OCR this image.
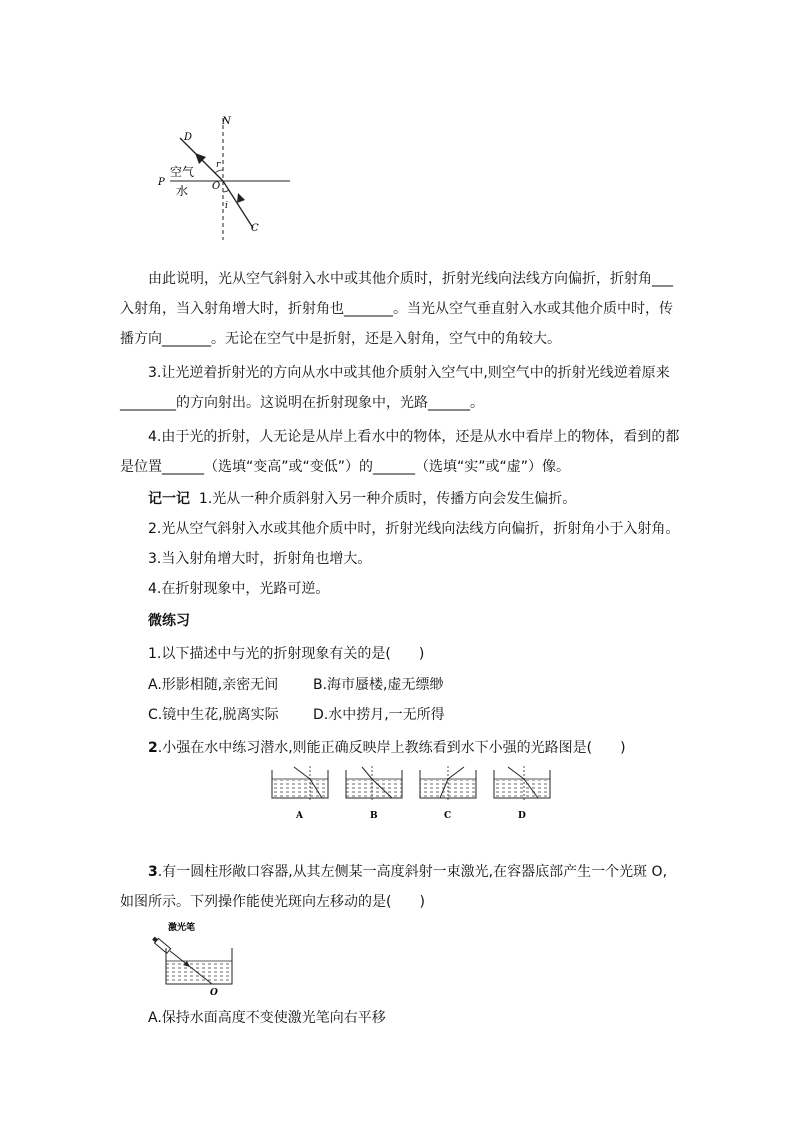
N
D
r
空气
P	O
水
i
C
由此说明，光从空气斜射入水中或其他介质时，折射光线向法线方向偏折，折射角___入射角，当入射角增大时，折射角也_______。当光从空气垂直射入水或其他介质中时，传播方向_______。无论在空气中是折射，还是入射角，空气中的角较大。
3.让光逆着折射光的方向从水中或其他介质射入空气中,则空气中的折射光线逆着原来________的方向射出。这说明在折射现象中，光路______。
4.由于光的折射，人无论是从岸上看水中的物体，还是从水中看岸上的物体，看到的都是位置______（选填“变高”或“变低”）的______（选填“实”或“虚”）像。
记一记 1.光从一种介质斜射入另一种介质时，传播方向会发生偏折。
2.光从空气斜射入水或其他介质中时，折射光线向法线方向偏折，折射角小于入射角。
3.当入射角增大时，折射角也增大。
4.在折射现象中，光路可逆。
微练习
1.以下描述中与光的折射现象有关的是(　　)
A.形影相随,亲密无间 B.海市蜃楼,虚无缥缈
C.镜中生花,脱离实际 D.水中捞月,一无所得
2.小强在水中练习潜水,则能正确反映岸上教练看到水下小强的光路图是(　　)
A	B	C	D
3.有一圆柱形敞口容器,从其左侧某一高度斜射一束激光,在容器底部产生一个光斑 O,如图所示。下列操作能使光斑向左移动的是(　　)
激光笔
O
A.保持水面高度不变使激光笔向右平移
